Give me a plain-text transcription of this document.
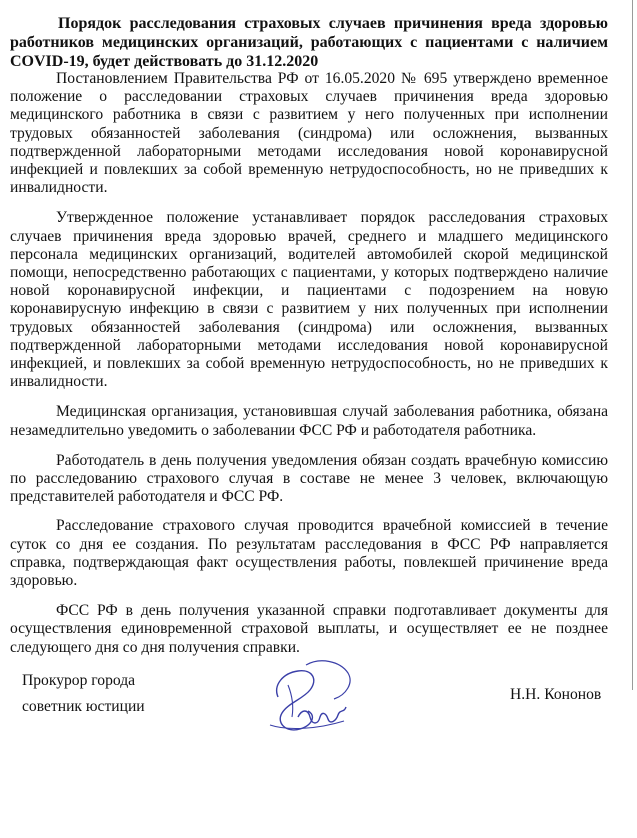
Порядок расследования страховых случаев причинения вреда здоровью работников медицинских организаций, работающих с пациентами с наличием COVID-19, будет действовать до 31.12.2020

Постановлением Правительства РФ от 16.05.2020 № 695 утверждено временное положение о расследовании страховых случаев причинения вреда здоровью медицинского работника в связи с развитием у него полученных при исполнении трудовых обязанностей заболевания (синдрома) или осложнения, вызванных подтвержденной лабораторными методами исследования новой коронавирусной инфекцией и повлекших за собой временную нетрудоспособность, но не приведших к инвалидности.

Утвержденное положение устанавливает порядок расследования страховых случаев причинения вреда здоровью врачей, среднего и младшего медицинского персонала медицинских организаций, водителей автомобилей скорой медицинской помощи, непосредственно работающих с пациентами, у которых подтверждено наличие новой коронавирусной инфекции, и пациентами с подозрением на новую коронавирусную инфекцию в связи с развитием у них полученных при исполнении трудовых обязанностей заболевания (синдрома) или осложнения, вызванных подтвержденной лабораторными методами исследования новой коронавирусной инфекцией, и повлекших за собой временную нетрудоспособность, но не приведших к инвалидности.

Медицинская организация, установившая случай заболевания работника, обязана незамедлительно уведомить о заболевании ФСС РФ и работодателя работника.

Работодатель в день получения уведомления обязан создать врачебную комиссию по расследованию страхового случая в составе не менее 3 человек, включающую представителей работодателя и ФСС РФ.

Расследование страхового случая проводится врачебной комиссией в течение суток со дня ее создания. По результатам расследования в ФСС РФ направляется справка, подтверждающая факт осуществления работы, повлекшей причинение вреда здоровью.

ФСС РФ в день получения указанной справки подготавливает документы для осуществления единовременной страховой выплаты, и осуществляет ее не позднее следующего дня со дня получения справки.

Прокурор города
советник юстиции
Н.Н. Кононов
